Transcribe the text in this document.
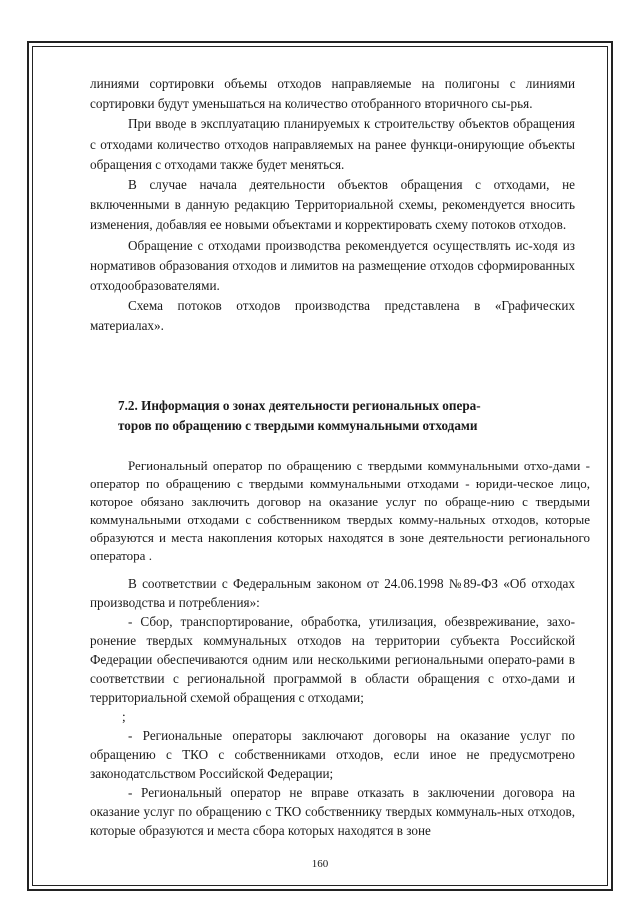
линиями сортировки объемы отходов направляемые на полигоны с линиями сортировки будут уменьшаться на количество отобранного вторичного сы-рья.

При вводе в эксплуатацию планируемых к строительству объектов обращения с отходами количество отходов направляемых на ранее функци-онирующие объекты обращения с отходами также будет меняться.

В случае начала деятельности объектов обращения с отходами, не включенными в данную редакцию Территориальной схемы, рекомендуется вносить изменения, добавляя ее новыми объектами и корректировать схему потоков отходов.

Обращение с отходами производства рекомендуется осуществлять ис-ходя из нормативов образования отходов и лимитов на размещение отходов сформированных отходообразователями.

Схема потоков отходов производства представлена в «Графических материалах».

7.2. Информация о зонах деятельности региональных опера-
торов по обращению с твердыми коммунальными отходами

Региональный оператор по обращению с твердыми коммунальными отхо-дами - оператор по обращению с твердыми коммунальными отходами - юриди-ческое лицо, которое обязано заключить договор на оказание услуг по обраще-нию с твердыми коммунальными отходами с собственником твердых комму-нальных отходов, которые образуются и места накопления которых находятся в зоне деятельности регионального оператора .

В соответствии с Федеральным законом от 24.06.1998 №89-ФЗ «Об отходах производства и потребления»:

- Сбор, транспортирование, обработка, утилизация, обезвреживание, захо-ронение твердых коммунальных отходов на территории субъекта Российской Федерации обеспечиваются одним или несколькими региональными операто-рами в соответствии с региональной программой в области обращения с отхо-дами и территориальной схемой обращения с отходами;

;

- Региональные операторы заключают договоры на оказание услуг по обращению с ТКО с собственниками отходов, если иное не предусмотрено законодатсльством Российской Федерации;

- Региональный оператор не вправе отказать в заключении договора на оказание услуг по обращению с ТКО собственнику твердых коммуналь-ных отходов, которые образуются и места сбора которых находятся в зоне

160
